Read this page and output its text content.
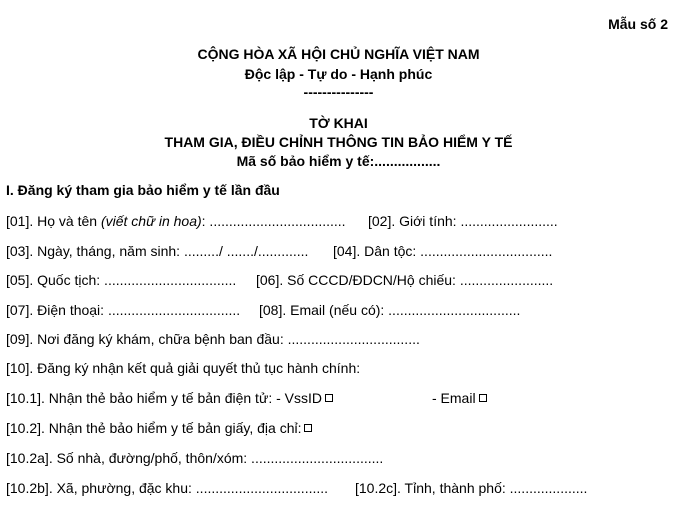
Mẫu số 2
CỘNG HÒA XÃ HỘI CHỦ NGHĨA VIỆT NAM
Độc lập - Tự do - Hạnh phúc
---------------
TỜ KHAI
THAM GIA, ĐIỀU CHỈNH THÔNG TIN BẢO HIỂM Y TẾ
Mã số bảo hiểm y tế:.................
I. Đăng ký tham gia bảo hiểm y tế lần đầu
[01]. Họ và tên (viết chữ in hoa): ................................... [02]. Giới tính: .........................
[03]. Ngày, tháng, năm sinh: ........./ ......./............. [04]. Dân tộc: ..................................
[05]. Quốc tịch: .................................. [06]. Số CCCD/ĐDCN/Hộ chiếu: ........................
[07]. Điện thoại: .................................. [08]. Email (nếu có): ..................................
[09]. Nơi đăng ký khám, chữa bệnh ban đầu: ..................................
[10]. Đăng ký nhận kết quả giải quyết thủ tục hành chính:
[10.1]. Nhận thẻ bảo hiểm y tế bản điện tử: - VssID	- Email
[10.2]. Nhận thẻ bảo hiểm y tế bản giấy, địa chỉ:
[10.2a]. Số nhà, đường/phố, thôn/xóm: ..................................
[10.2b]. Xã, phường, đặc khu: .................................. [10.2c]. Tỉnh, thành phố: ....................
